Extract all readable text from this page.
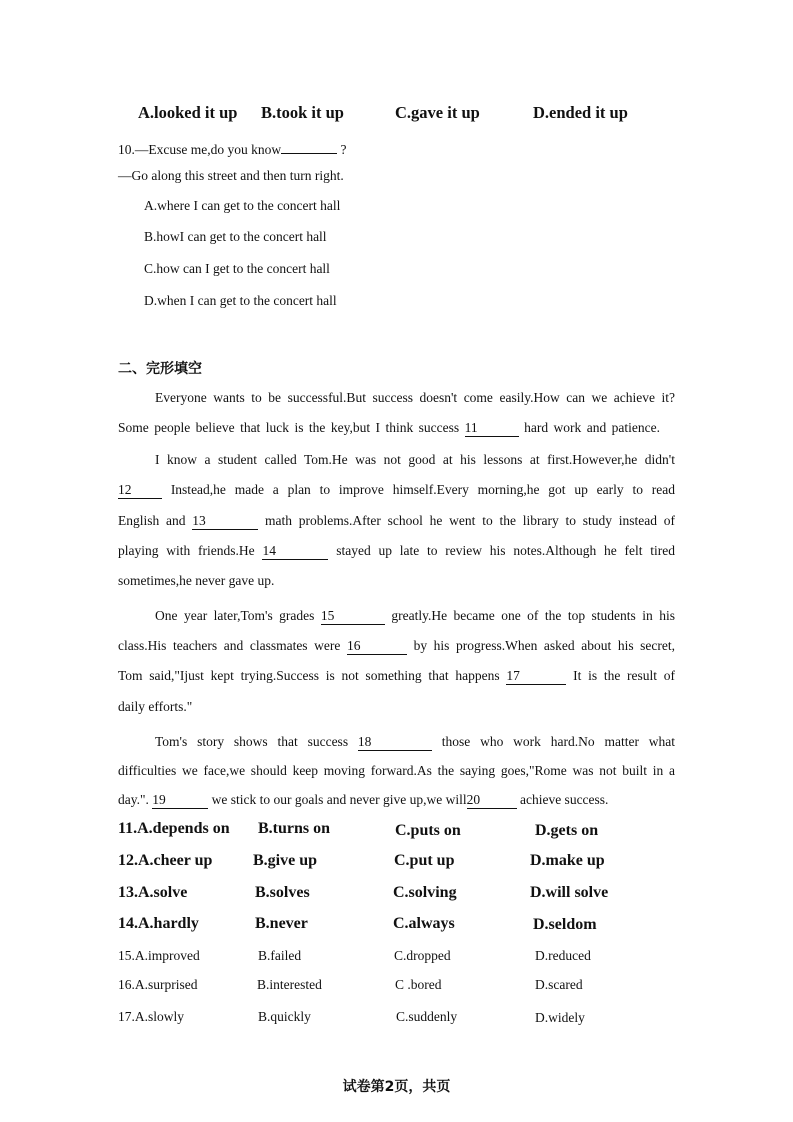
A.looked it up B.took it up	C.gave it up	D.ended it up
10.—Excuse me,do you know	?
—Go along this street and then turn right.
A.where I can get to the concert hall
B.howI can get to the concert hall
C.how can I get to the concert hall
D.when I can get to the concert hall
二、完形填空
Everyone wants to be successful.But success doesn't come easily.How can we achieve it?
Some people believe that luck is the key,but I think success 11	hard work and patience.
I know a student called Tom.He was not good at his lessons at first.However,he didn't
12	Instead,he made a plan to improve himself.Every morning,he got up early to read
English and 13	math problems.After school he went to the library to study instead of
playing with friends.He 14	stayed up late to review his notes.Although he felt tired
sometimes,he never gave up.
One year later,Tom's grades 15	greatly.He became one of the top students in his
class.His teachers and classmates were 16	by his progress.When asked about his secret,
Tom said,"Ijust kept trying.Success is not something that happens 17	It is the result of
daily efforts."
Tom's story shows that success 18	those who work hard.No matter what
difficulties we face,we should keep moving forward.As the saying goes,"Rome was not built in a
day.". 19	we stick to our goals and never give up,we will20	achieve success.
11.A.depends on B.turns on	C.puts on	D.gets on
12.A.cheer up	B.give up	C.put up	D.make up
13.A.solve	B.solves	C.solving	D.will solve
14.A.hardly	B.never	C.always	D.seldom
15.A.improved	B.failed	C.dropped	D.reduced
16.A.surprised	B.interested	C .bored	D.scared
17.A.slowly	B.quickly	C.suddenly	D.widely
试卷第2页，共页
